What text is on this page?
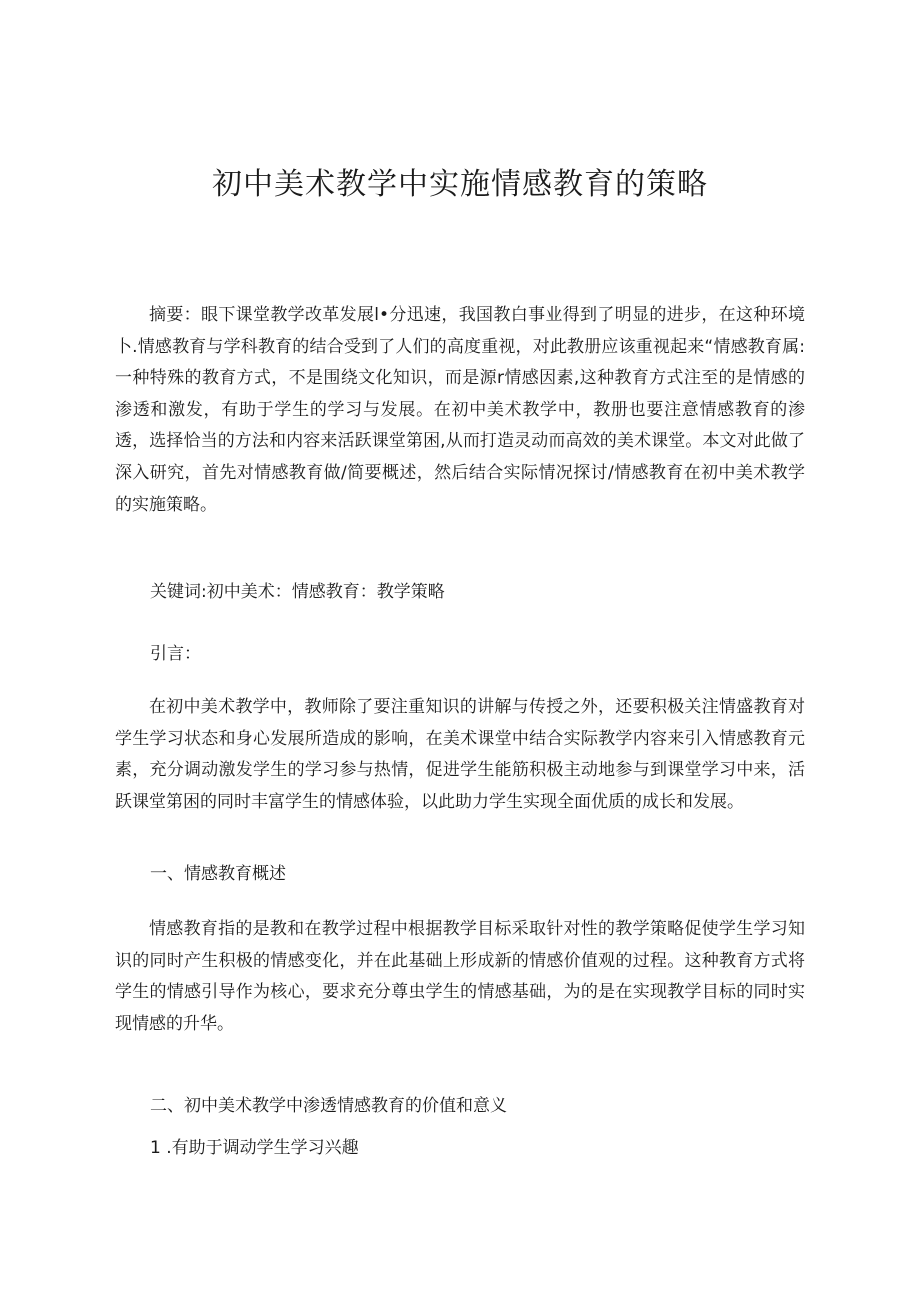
初中美术教学中实施情感教育的策略

摘要：眼下课堂教学改革发展l•分迅速，我国教白事业得到了明显的进步，在这种环境卜.情感教育与学科教育的结合受到了人们的高度重视，对此教册应该重视起来“情感教育属:一种特殊的教育方式，不是围绕文化知识，而是源r情感因素,这种教育方式注至的是情感的渗透和激发，有助于学生的学习与发展。在初中美术教学中，教册也要注意情感教育的渗透，选择恰当的方法和内容来活跃课堂第困,从而打造灵动而高效的美术课堂。本文对此做了深入研究，首先对情感教育做/简要概述，然后结合实际情况探讨/情感教育在初中美术教学的实施策略。

关键词:初中美术：情感教育：教学策略

引言：

在初中美术教学中，教师除了要注重知识的讲解与传授之外，还要积极关注情盛教育对学生学习状态和身心发展所造成的影响，在美术课堂中结合实际教学内容来引入情感教育元素，充分调动激发学生的学习参与热情，促进学生能筋积极主动地参与到课堂学习中来，活跃课堂第困的同时丰富学生的情感体验，以此助力学生实现全面优质的成长和发展。

一、情感教育概述

情感教育指的是教和在教学过程中根据教学目标采取针对性的教学策略促使学生学习知识的同时产生积极的情感变化，并在此基础上形成新的情感价值观的过程。这种教育方式将学生的情感引导作为核心，要求充分尊虫学生的情感基础，为的是在实现教学目标的同时实现情感的升华。

二、初中美术教学中渗透情感教育的价值和意义

1 .有助于调动学生学习兴趣
